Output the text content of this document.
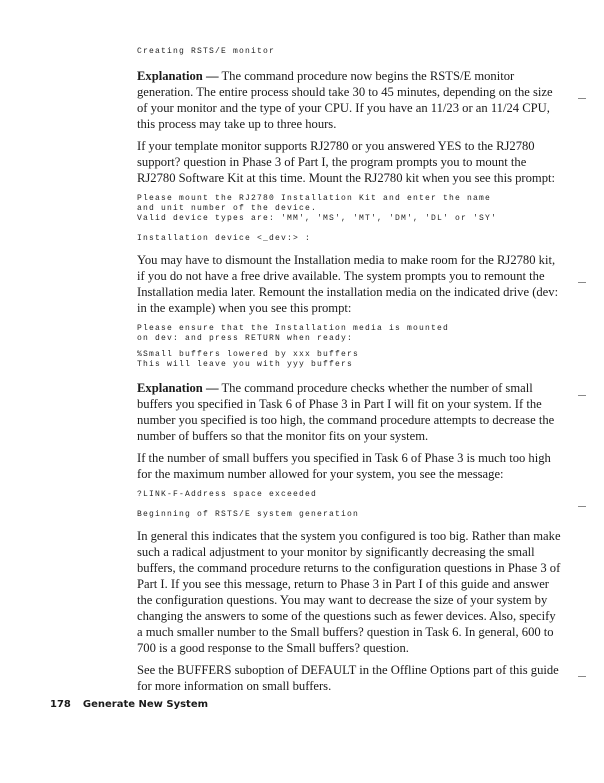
Creating RSTS/E monitor
Explanation — The command procedure now begins the RSTS/E monitor generation. The entire process should take 30 to 45 minutes, depending on the size of your monitor and the type of your CPU. If you have an 11/23 or an 11/24 CPU, this process may take up to three hours.
If your template monitor supports RJ2780 or you answered YES to the RJ2780 support? question in Phase 3 of Part I, the program prompts you to mount the RJ2780 Software Kit at this time. Mount the RJ2780 kit when you see this prompt:
Please mount the RJ2780 Installation Kit and enter the name
and unit number of the device.
Valid device types are: 'MM', 'MS', 'MT', 'DM', 'DL' or 'SY'
Installation device <_dev:> :
You may have to dismount the Installation media to make room for the RJ2780 kit, if you do not have a free drive available. The system prompts you to remount the Installation media later. Remount the installation media on the indicated drive (dev: in the example) when you see this prompt:
Please ensure that the Installation media is mounted
on dev: and press RETURN when ready:
%Small buffers lowered by xxx buffers
This will leave you with yyy buffers
Explanation — The command procedure checks whether the number of small buffers you specified in Task 6 of Phase 3 in Part I will fit on your system. If the number you specified is too high, the command procedure attempts to decrease the number of buffers so that the monitor fits on your system.
If the number of small buffers you specified in Task 6 of Phase 3 is much too high for the maximum number allowed for your system, you see the message:
?LINK-F-Address space exceeded
Beginning of RSTS/E system generation
In general this indicates that the system you configured is too big. Rather than make such a radical adjustment to your monitor by significantly decreasing the small buffers, the command procedure returns to the configuration questions in Phase 3 of Part I. If you see this message, return to Phase 3 in Part I of this guide and answer the configuration questions. You may want to decrease the size of your system by changing the answers to some of the questions such as fewer devices. Also, specify a much smaller number to the Small buffers? question in Task 6. In general, 600 to 700 is a good response to the Small buffers? question.
See the BUFFERS suboption of DEFAULT in the Offline Options part of this guide for more information on small buffers.
178 Generate New System
